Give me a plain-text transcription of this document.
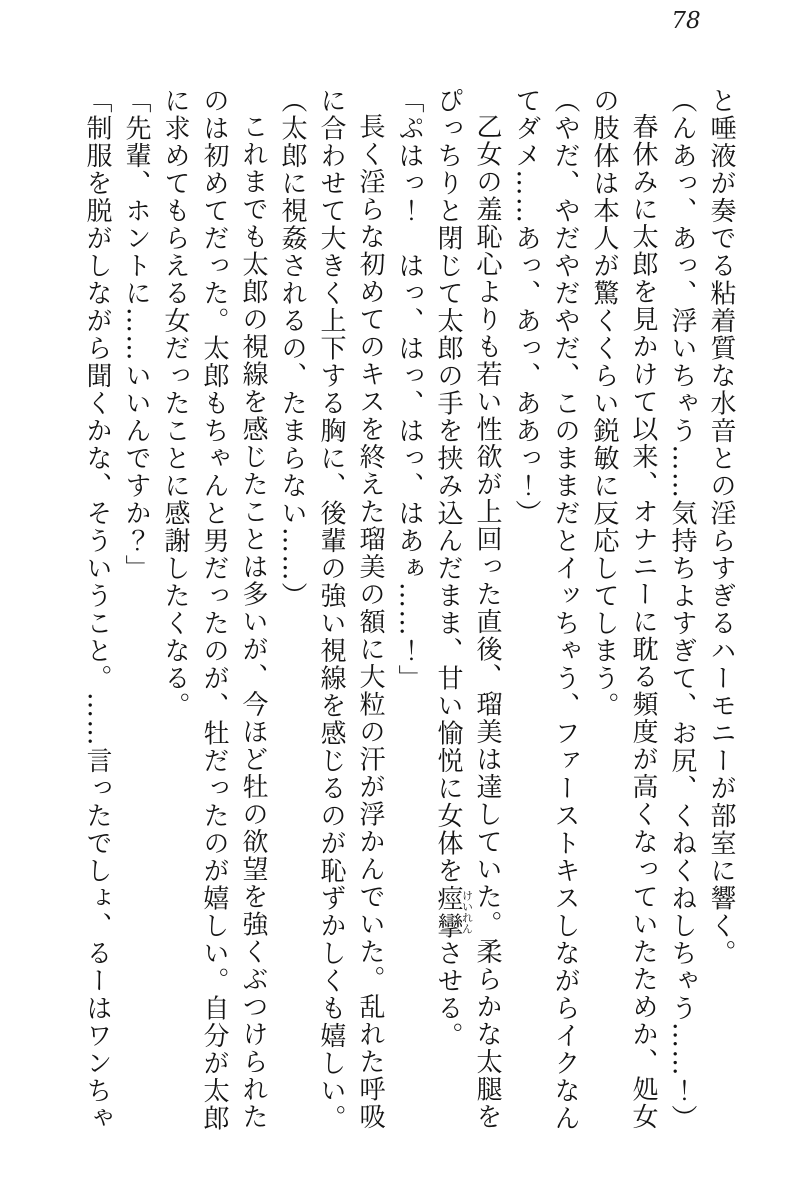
78

と唾液が奏でる粘着質な水音との淫らすぎるハーモニーが部室に響く。

（んあっ、あっ、浮いちゃう……気持ちよすぎて、お尻、くねくねしちゃう……！）

春休みに太郎を見かけて以来、オナニーに耽る頻度が高くなっていたためか、処女の肢体は本人が驚くくらい鋭敏に反応してしまう。

（やだ、やだやだやだ、このままだとイッちゃう、ファーストキスしながらイクなんてダメ……あっ、あっ、ああっ！）

乙女の羞恥心よりも若い性欲が上回った直後、瑠美は達していた。柔らかな太腿をぴっちりと閉じて太郎の手を挟み込んだまま、甘い愉悦に女体を痙攣けいれんさせる。

「ぷはっ！　はっ、はっ、はっ、はあぁ……！」

長く淫らな初めてのキスを終えた瑠美の額に大粒の汗が浮かんでいた。乱れた呼吸に合わせて大きく上下する胸に、後輩の強い視線を感じるのが恥ずかしくも嬉しい。

（太郎に視姦されるの、たまらない……）

これまでも太郎の視線を感じたことは多いが、今ほど牡の欲望を強くぶつけられたのは初めてだった。太郎もちゃんと男だったのが、牡だったのが嬉しい。自分が太郎に求めてもらえる女だったことに感謝したくなる。

「先輩、ホントに……いいんですか？」

「制服を脱がしながら聞くかな、そういうこと。……言ったでしょ、るーはワンちゃ
